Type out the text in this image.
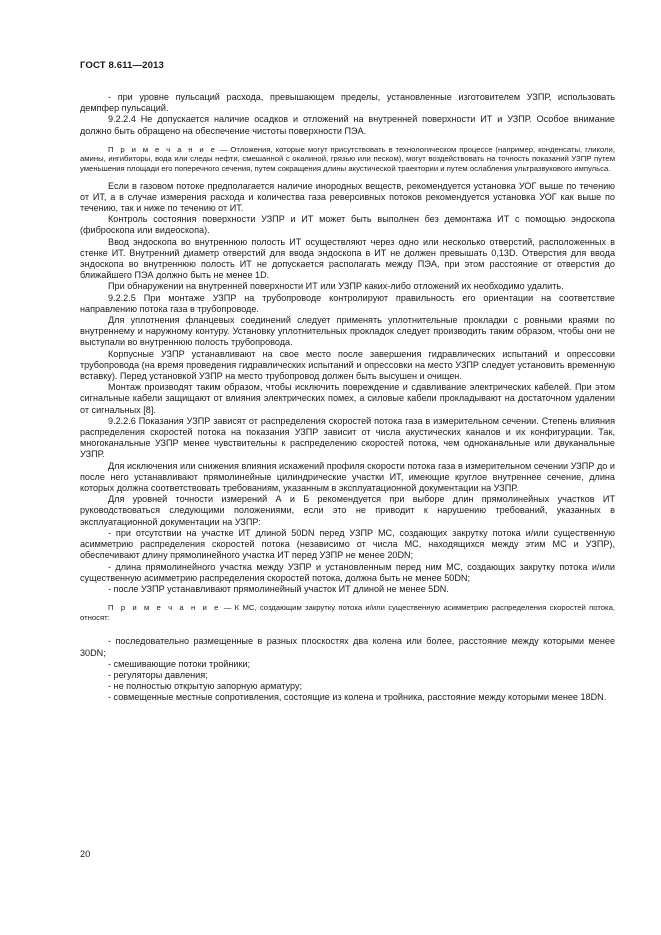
ГОСТ 8.611—2013

- при уровне пульсаций расхода, превышающем пределы, установленные изготовителем УЗПР, использовать демпфер пульсаций.

9.2.2.4 Не допускается наличие осадков и отложений на внутренней поверхности ИТ и УЗПР. Особое внимание должно быть обращено на обеспечение чистоты поверхности ПЭА.

П р и м е ч а н и е — Отложения, которые могут присутствовать в технологическом процессе (например, конденсаты, гликоли, амины, ингибиторы, вода или следы нефти, смешанной с окалиной, грязью или песком), могут воздействовать на точность показаний УЗПР путем уменьшения площади его поперечного сечения, путем сокращения длины акустической траектории и путем ослабления ультразвукового импульса.

Если в газовом потоке предполагается наличие инородных веществ, рекомендуется установка УОГ выше по течению от ИТ, а в случае измерения расхода и количества газа реверсивных потоков рекомендуется установка УОГ как выше по течению, так и ниже по течению от ИТ.

Контроль состояния поверхности УЗПР и ИТ может быть выполнен без демонтажа ИТ с помощью эндоскопа (фиброскопа или видеоскопа).

Ввод эндоскопа во внутреннюю полость ИТ осуществляют через одно или несколько отверстий, расположенных в стенке ИТ. Внутренний диаметр отверстий для ввода эндоскопа в ИТ не должен превышать 0,13D. Отверстия для ввода эндоскопа во внутреннюю полость ИТ не допускается располагать между ПЭА, при этом расстояние от отверстия до ближайшего ПЭА должно быть не менее 1D.

При обнаружении на внутренней поверхности ИТ или УЗПР каких-либо отложений их необходимо удалить.

9.2.2.5 При монтаже УЗПР на трубопроводе контролируют правильность его ориентации на соответствие направлению потока газа в трубопроводе.

Для уплотнения фланцевых соединений следует применять уплотнительные прокладки с ровными краями по внутреннему и наружному контуру. Установку уплотнительных прокладок следует производить таким образом, чтобы они не выступали во внутреннюю полость трубопровода.

Корпусные УЗПР устанавливают на свое место после завершения гидравлических испытаний и опрессовки трубопровода (на время проведения гидравлических испытаний и опрессовки на место УЗПР следует установить временную вставку). Перед установкой УЗПР на место трубопровод должен быть высушен и очищен.

Монтаж производят таким образом, чтобы исключить повреждение и сдавливание электрических кабелей. При этом сигнальные кабели защищают от влияния электрических помех, а силовые кабели прокладывают на достаточном удалении от сигнальных [8].

9.2.2.6 Показания УЗПР зависят от распределения скоростей потока газа в измерительном сечении. Степень влияния распределения скоростей потока на показания УЗПР зависит от числа акустических каналов и их конфигурации. Так, многоканальные УЗПР менее чувствительны к распределению скоростей потока, чем одноканальные или двуканальные УЗПР.

Для исключения или снижения влияния искажений профиля скорости потока газа в измерительном сечении УЗПР до и после него устанавливают прямолинейные цилиндрические участки ИТ, имеющие круглое внутреннее сечение, длина которых должна соответствовать требованиям, указанным в эксплуатационной документации на УЗПР.

Для уровней точности измерений А и Б рекомендуется при выборе длин прямолинейных участков ИТ руководствоваться следующими положениями, если это не приводит к нарушению требований, указанных в эксплуатационной документации на УЗПР:

- при отсутствии на участке ИТ длиной 50DN перед УЗПР МС, создающих закрутку потока и/или существенную асимметрию распределения скоростей потока (независимо от числа МС, находящихся между этим МС и УЗПР), обеспечивают длину прямолинейного участка ИТ перед УЗПР не менее 20DN;

- длина прямолинейного участка между УЗПР и установленным перед ним МС, создающих закрутку потока и/или существенную асимметрию распределения скоростей потока, должна быть не менее 50DN;

- после УЗПР устанавливают прямолинейный участок ИТ длиной не менее 5DN.

П р и м е ч а н и е — К МС, создающим закрутку потока и/или существенную асимметрию распределения скоростей потока, относят:

- последовательно размещенные в разных плоскостях два колена или более, расстояние между которыми менее 30DN;

- смешивающие потоки тройники;

- регуляторы давления;

- не полностью открытую запорную арматуру;

- совмещенные местные сопротивления, состоящие из колена и тройника, расстояние между которыми менее 18DN.

20
